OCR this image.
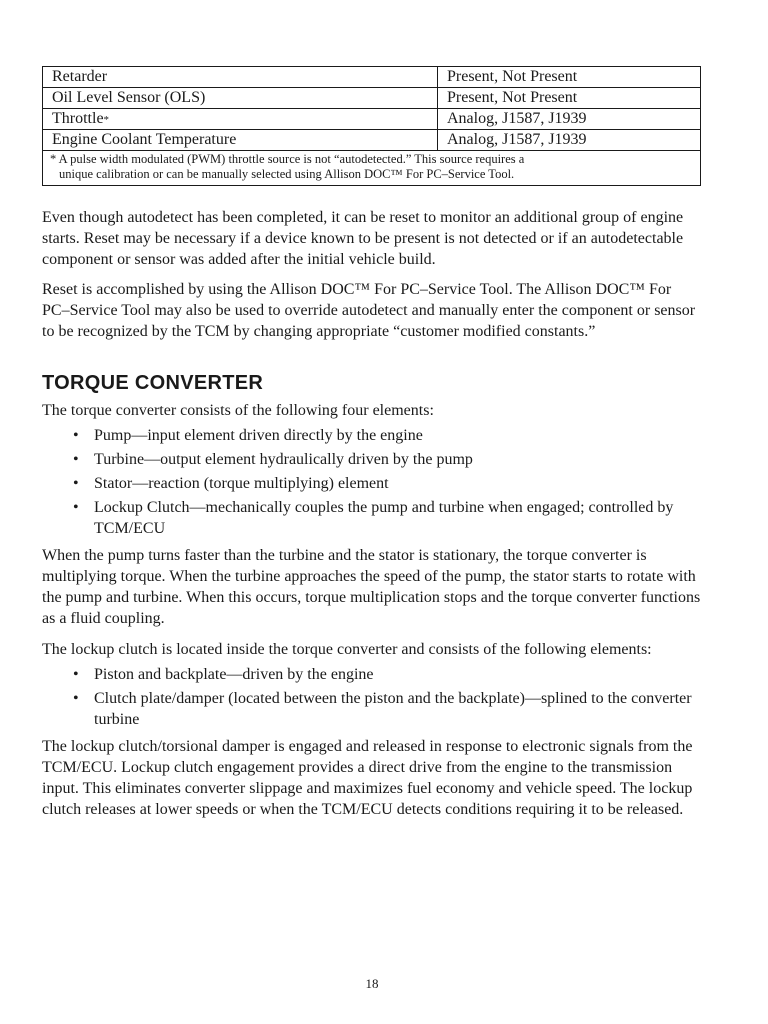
Retarder	Present, Not Present
Oil Level Sensor (OLS)	Present, Not Present
Throttle*	Analog, J1587, J1939
Engine Coolant Temperature	Analog, J1587, J1939
* A pulse width modulated (PWM) throttle source is not “autodetected.” This source requires a
unique calibration or can be manually selected using Allison DOC™ For PC–Service Tool.	

Even though autodetect has been completed, it can be reset to monitor an additional group of engine starts. Reset may be necessary if a device known to be present is not detected or if an autodetectable component or sensor was added after the initial vehicle build.

Reset is accomplished by using the Allison DOC™ For PC–Service Tool. The Allison DOC™ For PC–Service Tool may also be used to override autodetect and manually enter the component or sensor to be recognized by the TCM by changing appropriate “customer modified constants.”

TORQUE CONVERTER

The torque converter consists of the following four elements:

• Pump—input element driven directly by the engine
• Turbine—output element hydraulically driven by the pump
• Stator—reaction (torque multiplying) element
• Lockup Clutch—mechanically couples the pump and turbine when engaged; controlled by TCM/ECU

When the pump turns faster than the turbine and the stator is stationary, the torque converter is multiplying torque. When the turbine approaches the speed of the pump, the stator starts to rotate with the pump and turbine. When this occurs, torque multiplication stops and the torque converter functions as a fluid coupling.

The lockup clutch is located inside the torque converter and consists of the following elements:

• Piston and backplate—driven by the engine
• Clutch plate/damper (located between the piston and the backplate)—splined to the converter turbine

The lockup clutch/torsional damper is engaged and released in response to electronic signals from the TCM/ECU. Lockup clutch engagement provides a direct drive from the engine to the transmission input. This eliminates converter slippage and maximizes fuel economy and vehicle speed. The lockup clutch releases at lower speeds or when the TCM/ECU detects conditions requiring it to be released.

18
